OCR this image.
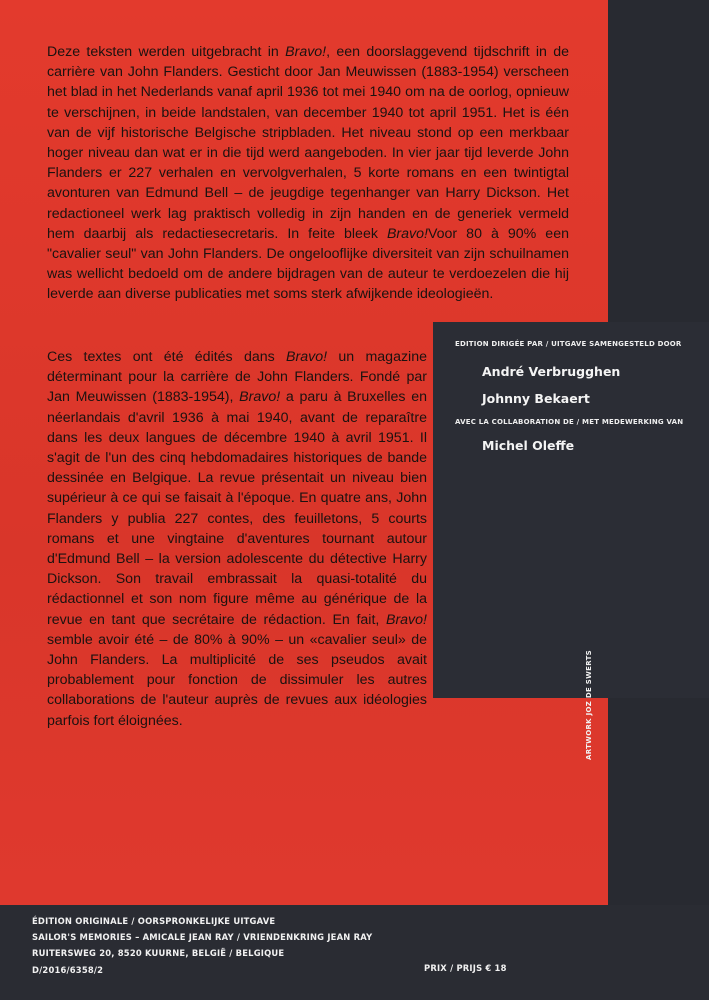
Deze teksten werden uitgebracht in Bravo!, een doorslaggevend tijdschrift in de carrière van John Flanders. Gesticht door Jan Meuwissen (1883-1954) verscheen het blad in het Nederlands vanaf april 1936 tot mei 1940 om na de oorlog, opnieuw te verschijnen, in beide landstalen, van december 1940 tot april 1951. Het is één van de vijf historische Belgische stripbladen. Het niveau stond op een merkbaar hoger niveau dan wat er in die tijd werd aangeboden. In vier jaar tijd leverde John Flanders er 227 verhalen en vervolgverhalen, 5 korte romans en een twintigtal avonturen van Edmund Bell – de jeugdige tegenhanger van Harry Dickson. Het redactioneel werk lag praktisch volledig in zijn handen en de generiek vermeld hem daarbij als redactiesecretaris. In feite bleek Bravo!Voor 80 à 90% een "cavalier seul" van John Flanders. De ongelooflijke diversiteit van zijn schuilnamen was wellicht bedoeld om de andere bijdragen van de auteur te verdoezelen die hij leverde aan diverse publicaties met soms sterk afwijkende ideologieën.

Ces textes ont été édités dans Bravo! un magazine déterminant pour la carrière de John Flanders. Fondé par Jan Meuwissen (1883-1954), Bravo! a paru à Bruxelles en néerlandais d'avril 1936 à mai 1940, avant de reparaître dans les deux langues de décembre 1940 à avril 1951. Il s'agit de l'un des cinq hebdomadaires historiques de bande dessinée en Belgique. La revue présentait un niveau bien supérieur à ce qui se faisait à l'époque. En quatre ans, John Flanders y publia 227 contes, des feuilletons, 5 courts romans et une vingtaine d'aventures tournant autour d'Edmund Bell – la version adolescente du détective Harry Dickson. Son travail embrassait la quasi-totalité du rédactionnel et son nom figure même au générique de la revue en tant que secrétaire de rédaction. En fait, Bravo! semble avoir été – de 80% à 90% – un «cavalier seul» de John Flanders. La multiplicité de ses pseudos avait probablement pour fonction de dissimuler les autres collaborations de l'auteur auprès de revues aux idéologies parfois fort éloignées.

EDITION DIRIGÉE PAR / UITGAVE SAMENGESTELD DOOR
André Verbrugghen
Johnny Bekaert
AVEC LA COLLABORATION DE / MET MEDEWERKING VAN
Michel Oleffe
ARTWORK JOZ DE SWERTS
ÉDITION ORIGINALE / OORSPRONKELIJKE UITGAVE
SAILOR'S MEMORIES – AMICALE JEAN RAY / VRIENDENKRING JEAN RAY
RUITERSWEG 20, 8520 KUURNE, BELGIË / BELGIQUE
D/2016/6358/2	PRIX / PRIJS € 18
